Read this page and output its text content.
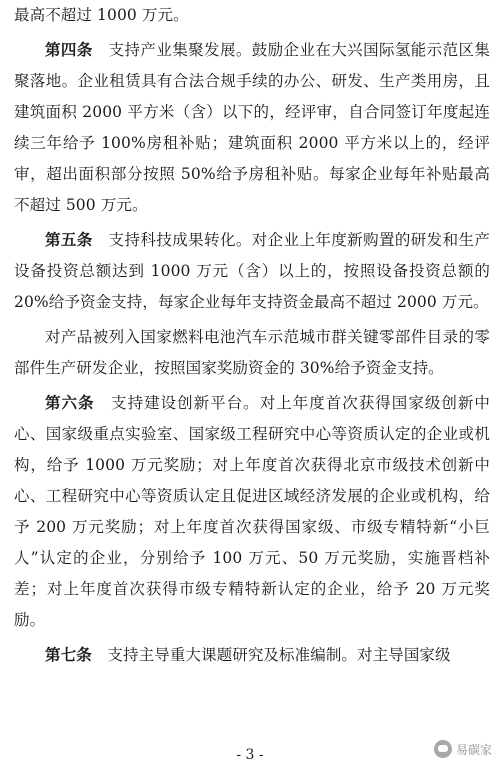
最高不超过 1000 万元。

第四条　支持产业集聚发展。鼓励企业在大兴国际氢能示范区集聚落地。企业租赁具有合法合规手续的办公、研发、生产类用房，且建筑面积 2000 平方米（含）以下的，经评审，自合同签订年度起连续三年给予 100%房租补贴；建筑面积 2000 平方米以上的，经评审，超出面积部分按照 50%给予房租补贴。每家企业每年补贴最高不超过 500 万元。

第五条　支持科技成果转化。对企业上年度新购置的研发和生产设备投资总额达到 1000 万元（含）以上的，按照设备投资总额的 20%给予资金支持，每家企业每年支持资金最高不超过 2000 万元。

对产品被列入国家燃料电池汽车示范城市群关键零部件目录的零部件生产研发企业，按照国家奖励资金的 30%给予资金支持。

第六条　支持建设创新平台。对上年度首次获得国家级创新中心、国家级重点实验室、国家级工程研究中心等资质认定的企业或机构，给予 1000 万元奖励；对上年度首次获得北京市级技术创新中心、工程研究中心等资质认定且促进区域经济发展的企业或机构，给予 200 万元奖励；对上年度首次获得国家级、市级专精特新“小巨人”认定的企业，分别给予 100 万元、50 万元奖励，实施晋档补差；对上年度首次获得市级专精特新认定的企业，给予 20 万元奖励。

第七条　支持主导重大课题研究及标准编制。对主导国家级

- 3 -	易碳家
